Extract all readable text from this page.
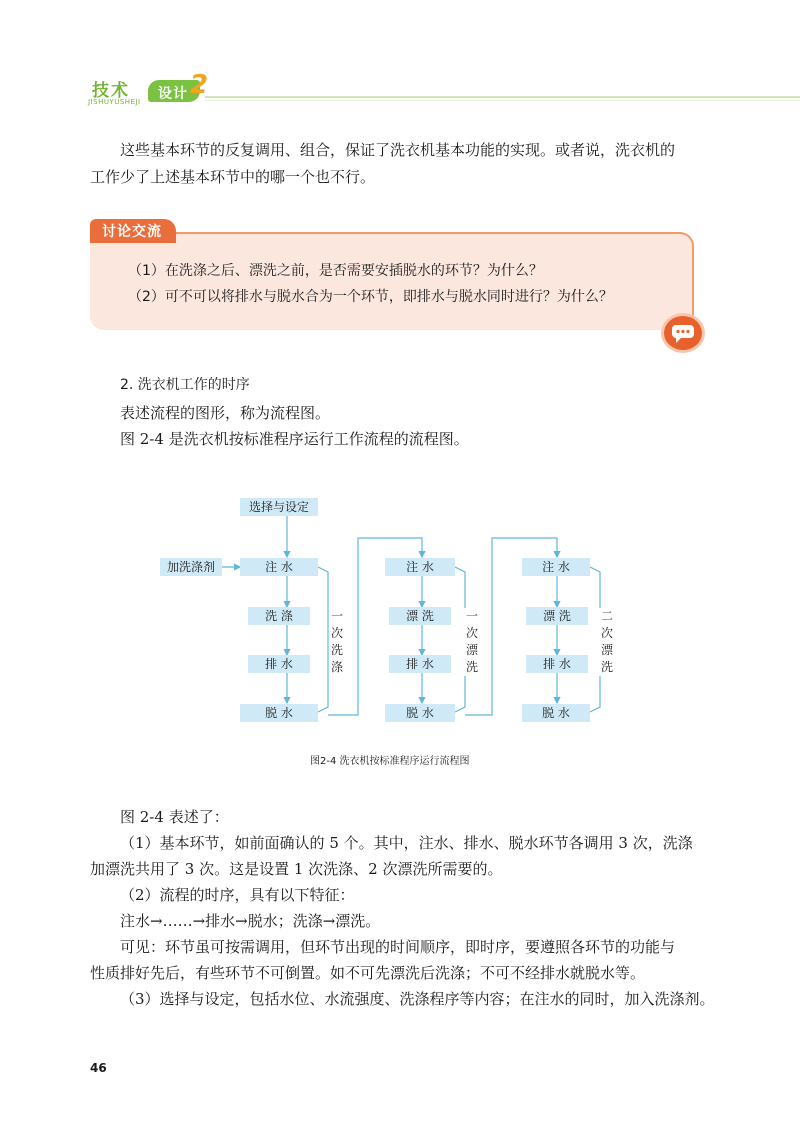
技术
JISHUYUSHEJI 设计 2
这些基本环节的反复调用、组合，保证了洗衣机基本功能的实现。或者说，洗衣机的
工作少了上述基本环节中的哪一个也不行。
讨论交流
（1）在洗涤之后、漂洗之前，是否需要安插脱水的环节？为什么？
（2）可不可以将排水与脱水合为一个环节，即排水与脱水同时进行？为什么？
2. 洗衣机工作的时序
表述流程的图形，称为流程图。
图 2-4 是洗衣机按标准程序运行工作流程的流程图。
选择与设定
加洗涤剂	注 水
洗 涤
排 水
脱 水
一
次
洗
涤
注 水
漂 洗
排 水
脱 水
一
次
漂
洗
注 水
漂 洗
排 水
脱 水
二
次
漂
洗
图2-4 洗衣机按标准程序运行流程图
图 2-4 表述了：
（1）基本环节，如前面确认的 5 个。其中，注水、排水、脱水环节各调用 3 次，洗涤
加漂洗共用了 3 次。这是设置 1 次洗涤、2 次漂洗所需要的。
（2）流程的时序，具有以下特征：
注水→……→排水→脱水；洗涤→漂洗。
可见：环节虽可按需调用，但环节出现的时间顺序，即时序，要遵照各环节的功能与
性质排好先后，有些环节不可倒置。如不可先漂洗后洗涤；不可不经排水就脱水等。
（3）选择与设定，包括水位、水流强度、洗涤程序等内容；在注水的同时，加入洗涤剂。
46
